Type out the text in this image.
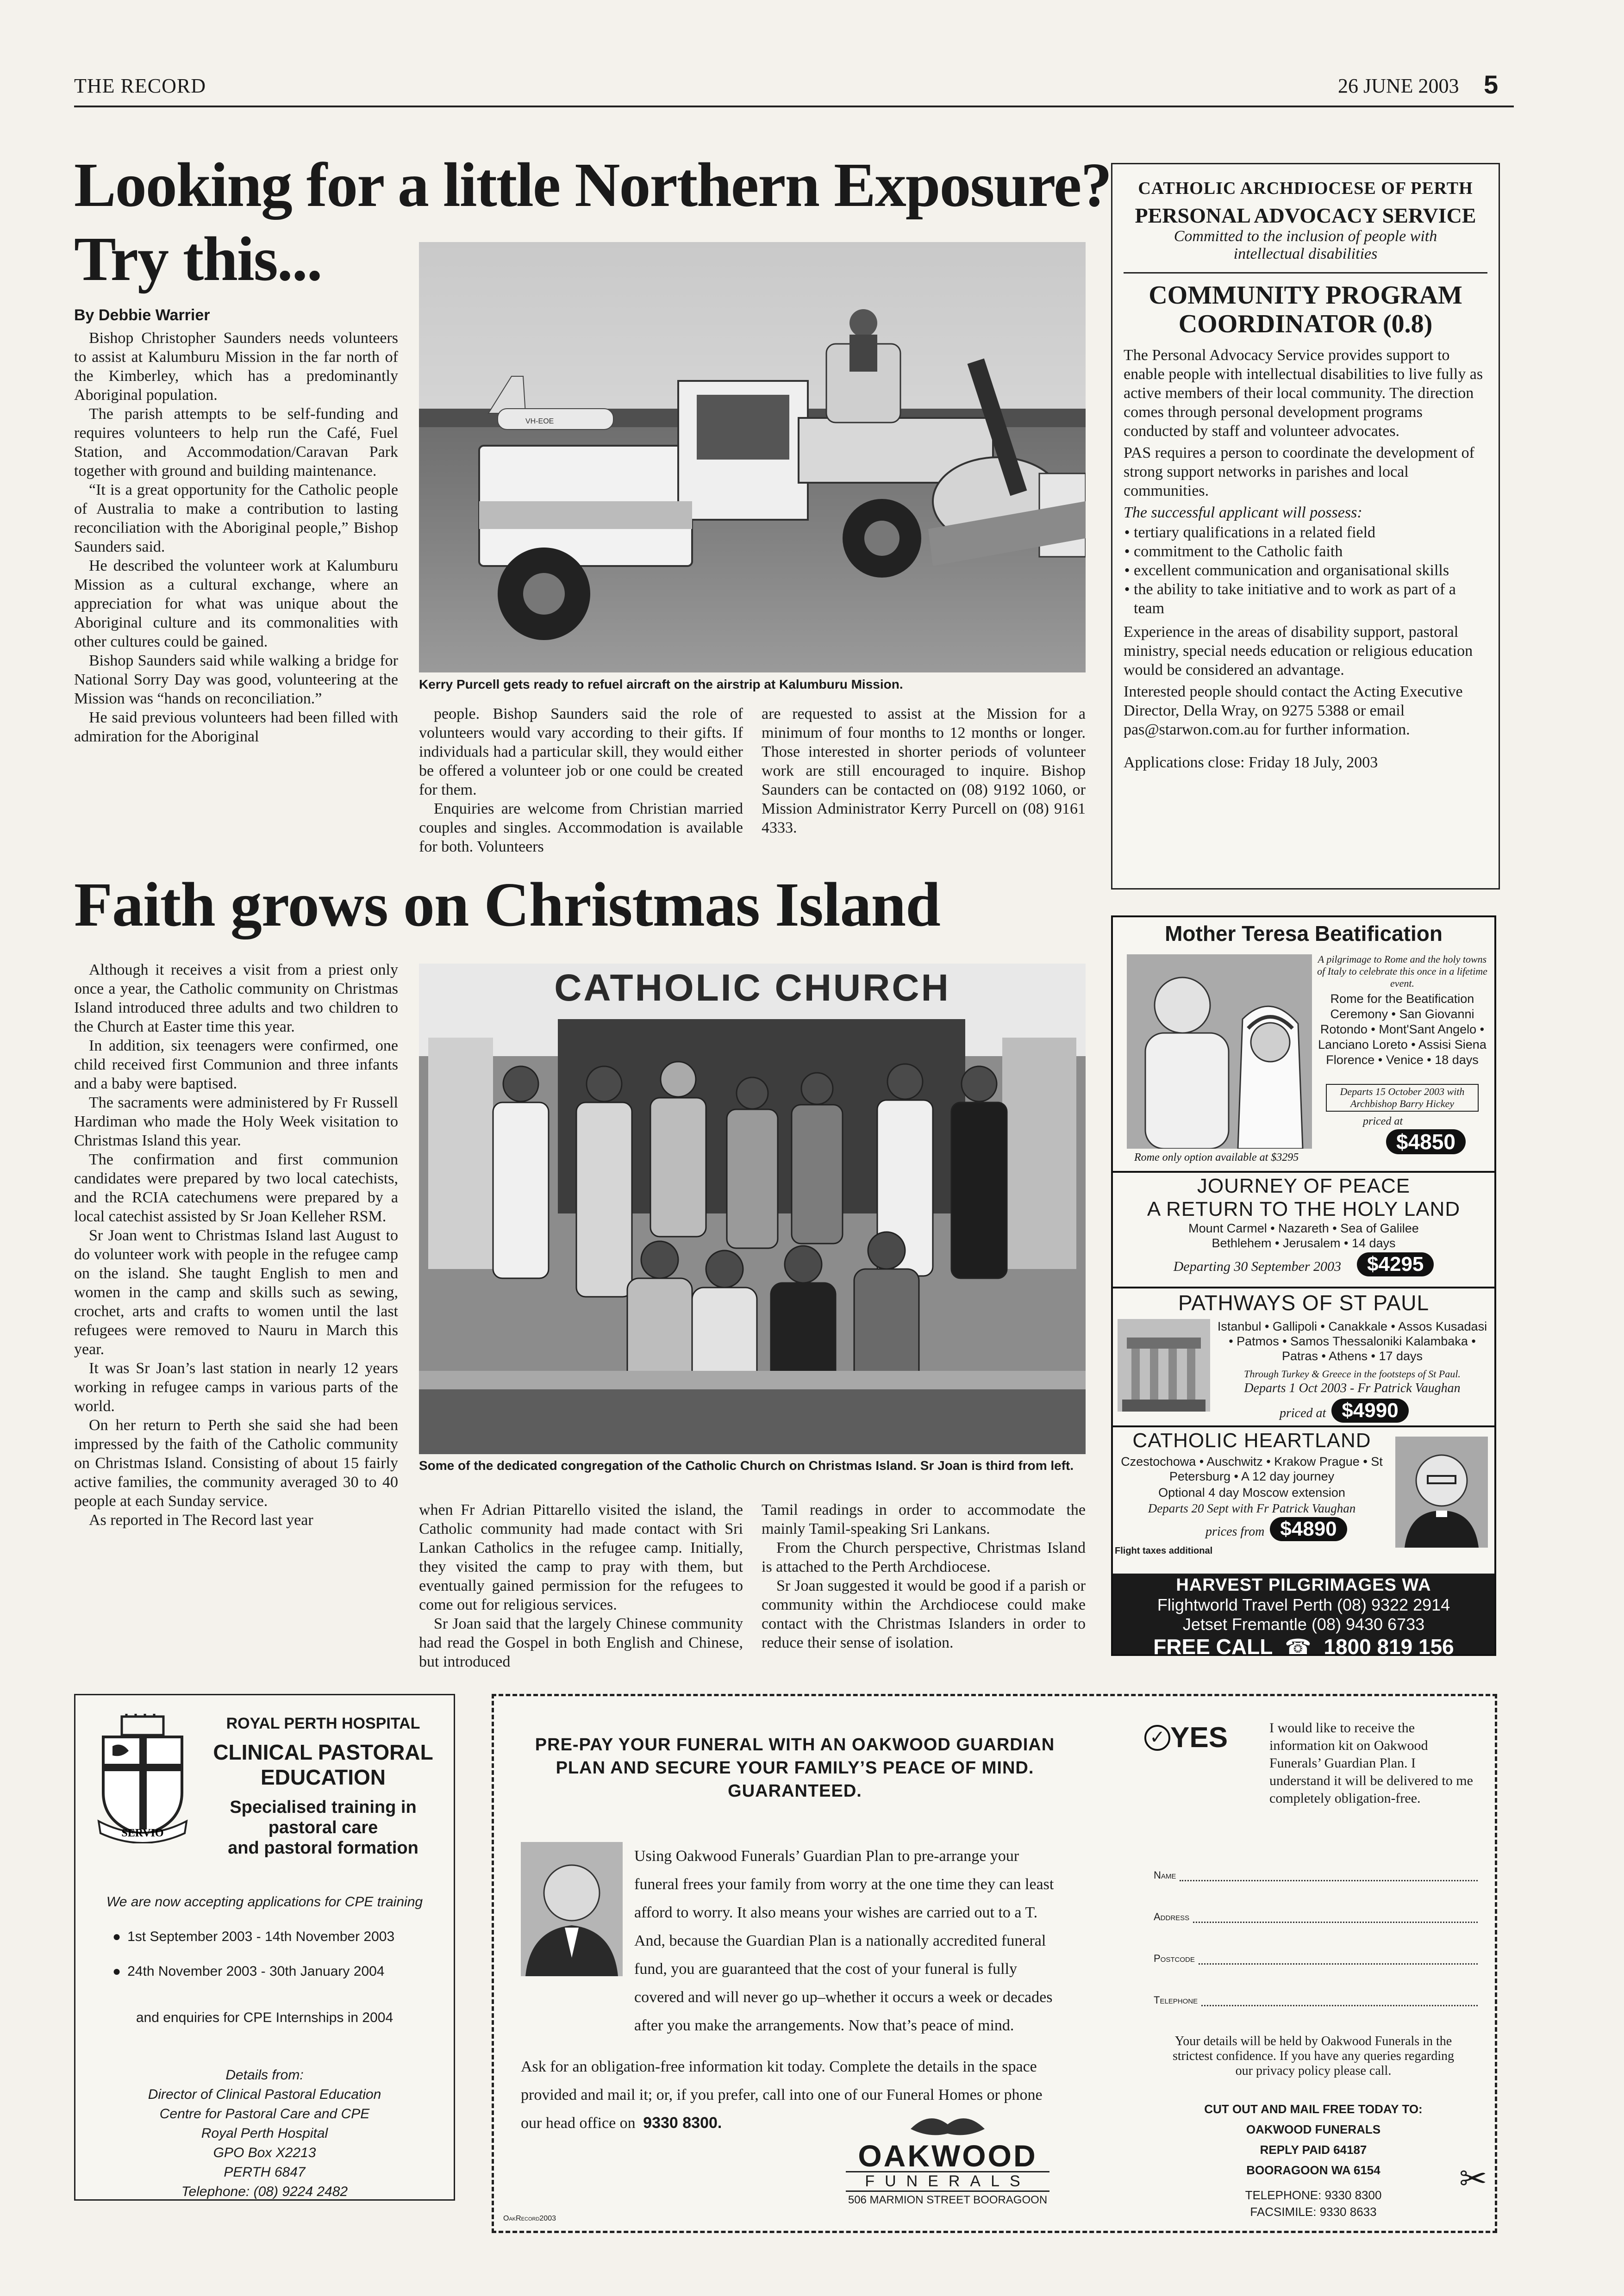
THE RECORD	26 JUNE 2003 5
Looking for a little Northern Exposure?
Try this...
By Debbie Warrier

Bishop Christopher Saunders needs volunteers to assist at Kalumburu Mission in the far north of the Kimberley, which has a predominantly Aboriginal population.

The parish attempts to be self-funding and requires volunteers to help run the Café, Fuel Station, and Accommodation/Caravan Park together with ground and building maintenance.

“It is a great opportunity for the Catholic people of Australia to make a contribution to lasting reconciliation with the Aboriginal people,” Bishop Saunders said.

He described the volunteer work at Kalumburu Mission as a cultural exchange, where an appreciation for what was unique about the Aboriginal culture and its commonalities with other cultures could be gained.

Bishop Saunders said while walking a bridge for National Sorry Day was good, volunteering at the Mission was “hands on reconciliation.”

He said previous volunteers had been filled with admiration for the Aboriginal

VH-EOE
Kerry Purcell gets ready to refuel aircraft on the airstrip at Kalumburu Mission.

people. Bishop Saunders said the role of volunteers would vary according to their gifts. If individuals had a particular skill, they would either be offered a volunteer job or one could be created for them.

Enquiries are welcome from Christian married couples and singles. Accommodation is available for both. Volunteers

are requested to assist at the Mission for a minimum of four months to 12 months or longer. Those interested in shorter periods of volunteer work are still encouraged to inquire. Bishop Saunders can be contacted on (08) 9192 1060, or Mission Administrator Kerry Purcell on (08) 9161 4333.

CATHOLIC ARCHDIOCESE OF PERTH
PERSONAL ADVOCACY SERVICE
Committed to the inclusion of people with intellectual disabilities
COMMUNITY PROGRAM COORDINATOR (0.8)
The Personal Advocacy Service provides support to enable people with intellectual disabilities to live fully as active members of their local community. The direction comes through personal development programs conducted by staff and volunteer advocates.
PAS requires a person to coordinate the development of strong support networks in parishes and local communities.
The successful applicant will possess:
• tertiary qualifications in a related field
• commitment to the Catholic faith
• excellent communication and organisational skills
• the ability to take initiative and to work as part of a team
Experience in the areas of disability support, pastoral ministry, special needs education or religious education would be considered an advantage.
Interested people should contact the Acting Executive Director, Della Wray, on 9275 5388 or email pas@starwon.com.au for further information.
Applications close: Friday 18 July, 2003
Faith grows on Christmas Island

Although it receives a visit from a priest only once a year, the Catholic community on Christmas Island introduced three adults and two children to the Church at Easter time this year.

In addition, six teenagers were confirmed, one child received first Communion and three infants and a baby were baptised.

The sacraments were administered by Fr Russell Hardiman who made the Holy Week visitation to Christmas Island this year.

The confirmation and first communion candidates were prepared by two local catechists, and the RCIA catechumens were prepared by a local catechist assisted by Sr Joan Kelleher RSM.

Sr Joan went to Christmas Island last August to do volunteer work with people in the refugee camp on the island. She taught English to men and women in the camp and skills such as sewing, crochet, arts and crafts to women until the last refugees were removed to Nauru in March this year.

It was Sr Joan’s last station in nearly 12 years working in refugee camps in various parts of the world.

On her return to Perth she said she had been impressed by the faith of the Catholic community on Christmas Island. Consisting of about 15 fairly active families, the community averaged 30 to 40 people at each Sunday service.

As reported in The Record last year

CATHOLIC CHURCH
Some of the dedicated congregation of the Catholic Church on Christmas Island. Sr Joan is third from left.

when Fr Adrian Pittarello visited the island, the Catholic community had made contact with Sri Lankan Catholics in the refugee camp. Initially, they visited the camp to pray with them, but eventually gained permission for the refugees to come out for religious services.

Sr Joan said that the largely Chinese community had read the Gospel in both English and Chinese, but introduced

Tamil readings in order to accommodate the mainly Tamil-speaking Sri Lankans.

From the Church perspective, Christmas Island is attached to the Perth Archdiocese.

Sr Joan suggested it would be good if a parish or community within the Archdiocese could make contact with the Christmas Islanders in order to reduce their sense of isolation.

Mother Teresa Beatification
A pilgrimage to Rome and the holy towns of Italy to celebrate this once in a lifetime event.
Rome for the Beatification Ceremony • San Giovanni Rotondo • Mont'Sant Angelo • Lanciano Loreto • Assisi Siena Florence • Venice • 18 days
Departs 15 October 2003 with Archbishop Barry Hickey
priced at
$4850
Rome only option available at $3295
JOURNEY OF PEACE
A RETURN TO THE HOLY LAND
Mount Carmel • Nazareth • Sea of Galilee Bethlehem • Jerusalem • 14 days
Departing 30 September 2003 $4295
PATHWAYS OF ST PAUL
Istanbul • Gallipoli • Canakkale • Assos Kusadasi • Patmos • Samos Thessaloniki Kalambaka • Patras • Athens • 17 days
Through Turkey & Greece in the footsteps of St Paul.
Departs 1 Oct 2003 - Fr Patrick Vaughan
priced at $4990
CATHOLIC HEARTLAND
Czestochowa • Auschwitz • Krakow Prague • St Petersburg • A 12 day journey
Optional 4 day Moscow extension
Departs 20 Sept with Fr Patrick Vaughan
prices from $4890
Flight taxes additional
HARVEST PILGRIMAGES WA
Flightworld Travel Perth (08) 9322 2914
Jetset Fremantle (08) 9430 6733
FREE CALL ☎ 1800 819 156
SERVIO
ROYAL PERTH HOSPITAL
CLINICAL PASTORAL
EDUCATION
Specialised training in
pastoral care
and pastoral formation
We are now accepting applications for CPE training
● 1st September 2003 - 14th November 2003
● 24th November 2003 - 30th January 2004
and enquiries for CPE Internships in 2004
Details from:
Director of Clinical Pastoral Education
Centre for Pastoral Care and CPE
Royal Perth Hospital
GPO Box X2213
PERTH 6847
Telephone: (08) 9224 2482
PRE-PAY YOUR FUNERAL WITH AN OAKWOOD GUARDIAN PLAN AND SECURE YOUR FAMILY’S PEACE OF MIND. GUARANTEED.
Using Oakwood Funerals’ Guardian Plan to pre-arrange your funeral frees your family from worry at the one time they can least afford to worry. It also means your wishes are carried out to a T. And, because the Guardian Plan is a nationally accredited funeral fund, you are guaranteed that the cost of your funeral is fully covered and will never go up–whether it occurs a week or decades after you make the arrangements. Now that’s peace of mind.
Ask for an obligation-free information kit today. Complete the details in the space provided and mail it; or, if you prefer, call into one of our Funeral Homes or phone our head office on 9330 8300.
OAKWOOD
FUNERALS
506 MARMION STREET BOORAGOON
OakRecord2003
✓ YES	I would like to receive the information kit on Oakwood Funerals’ Guardian Plan. I understand it will be delivered to me completely obligation-free.
Name
Address
Postcode
Telephone
Your details will be held by Oakwood Funerals in the strictest confidence. If you have any queries regarding our privacy policy please call.
CUT OUT AND MAIL FREE TODAY TO:
OAKWOOD FUNERALS
REPLY PAID 64187
BOORAGOON WA 6154
TELEPHONE: 9330 8300
FACSIMILE: 9330 8633
✂
